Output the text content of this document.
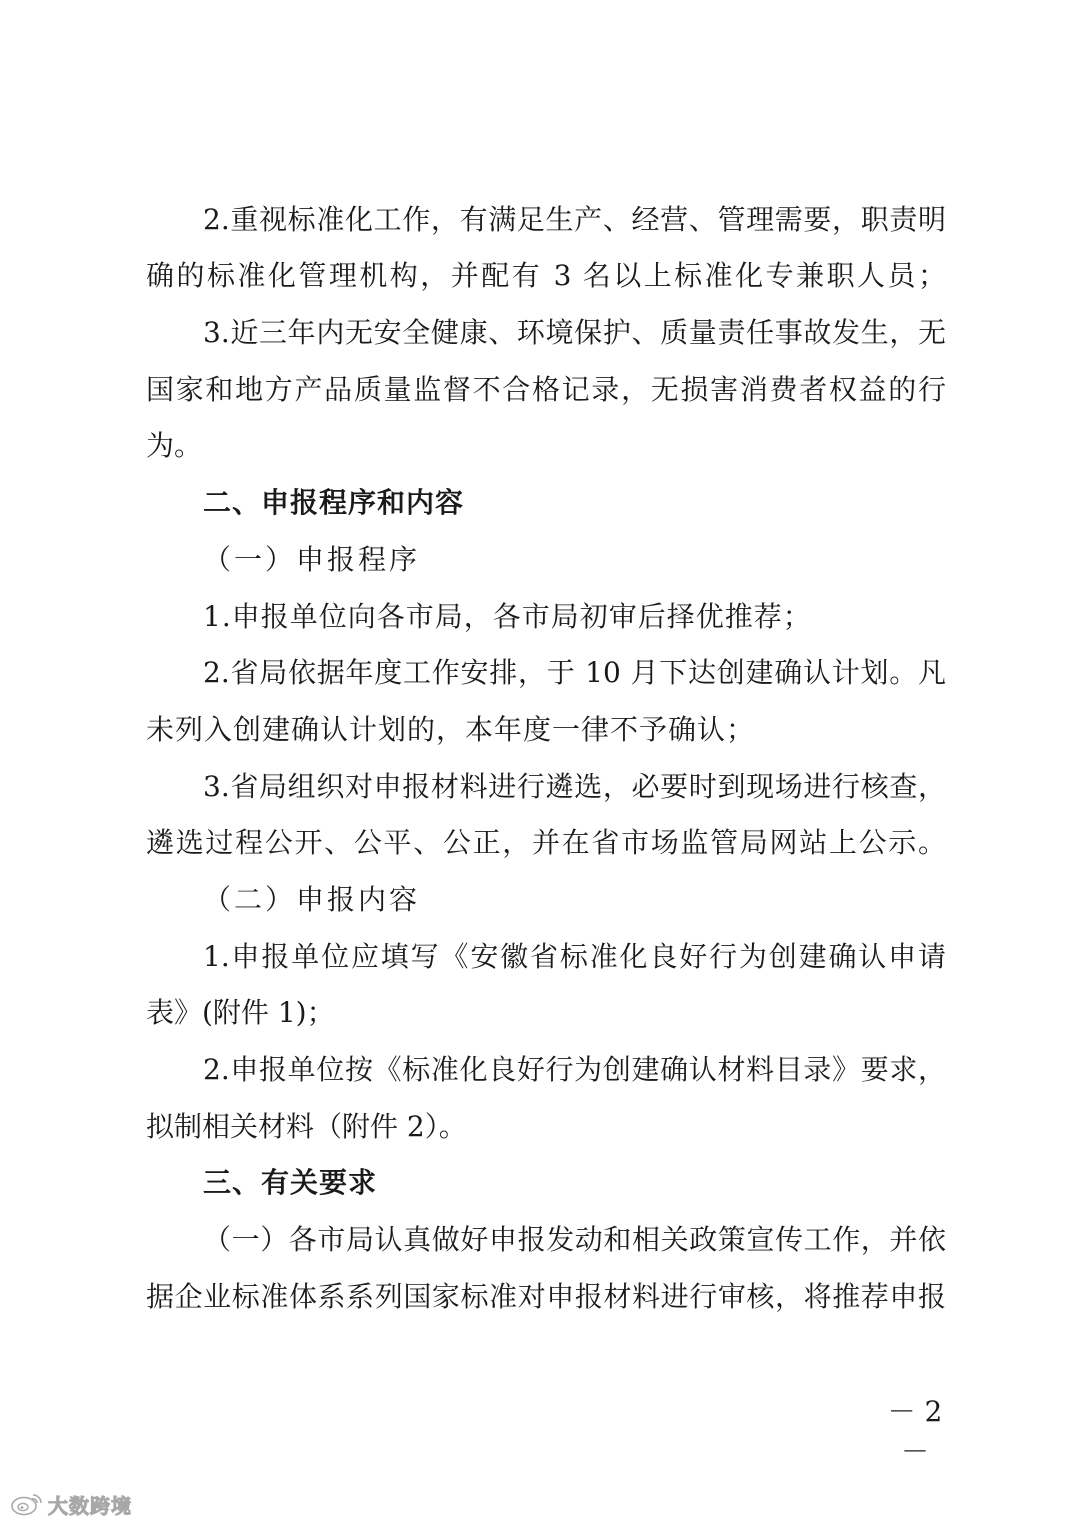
2.重视标准化工作，有满足生产、经营、管理需要，职责明
确的标准化管理机构，并配有 3 名以上标准化专兼职人员；
3.近三年内无安全健康、环境保护、质量责任事故发生，无
国家和地方产品质量监督不合格记录，无损害消费者权益的行
为。
二、申报程序和内容
（一）申报程序
1.申报单位向各市局，各市局初审后择优推荐；
2.省局依据年度工作安排，于 10 月下达创建确认计划。凡
未列入创建确认计划的，本年度一律不予确认；
3.省局组织对申报材料进行遴选，必要时到现场进行核查，
遴选过程公开、公平、公正，并在省市场监管局网站上公示。
（二）申报内容
1.申报单位应填写《安徽省标准化良好行为创建确认申请
表》(附件 1)；
2.申报单位按《标准化良好行为创建确认材料目录》要求，
拟制相关材料（附件 2）。
三、有关要求
（一）各市局认真做好申报发动和相关政策宣传工作，并依
据企业标准体系系列国家标准对申报材料进行审核，将推荐申报
－ 2 －
大数跨境
